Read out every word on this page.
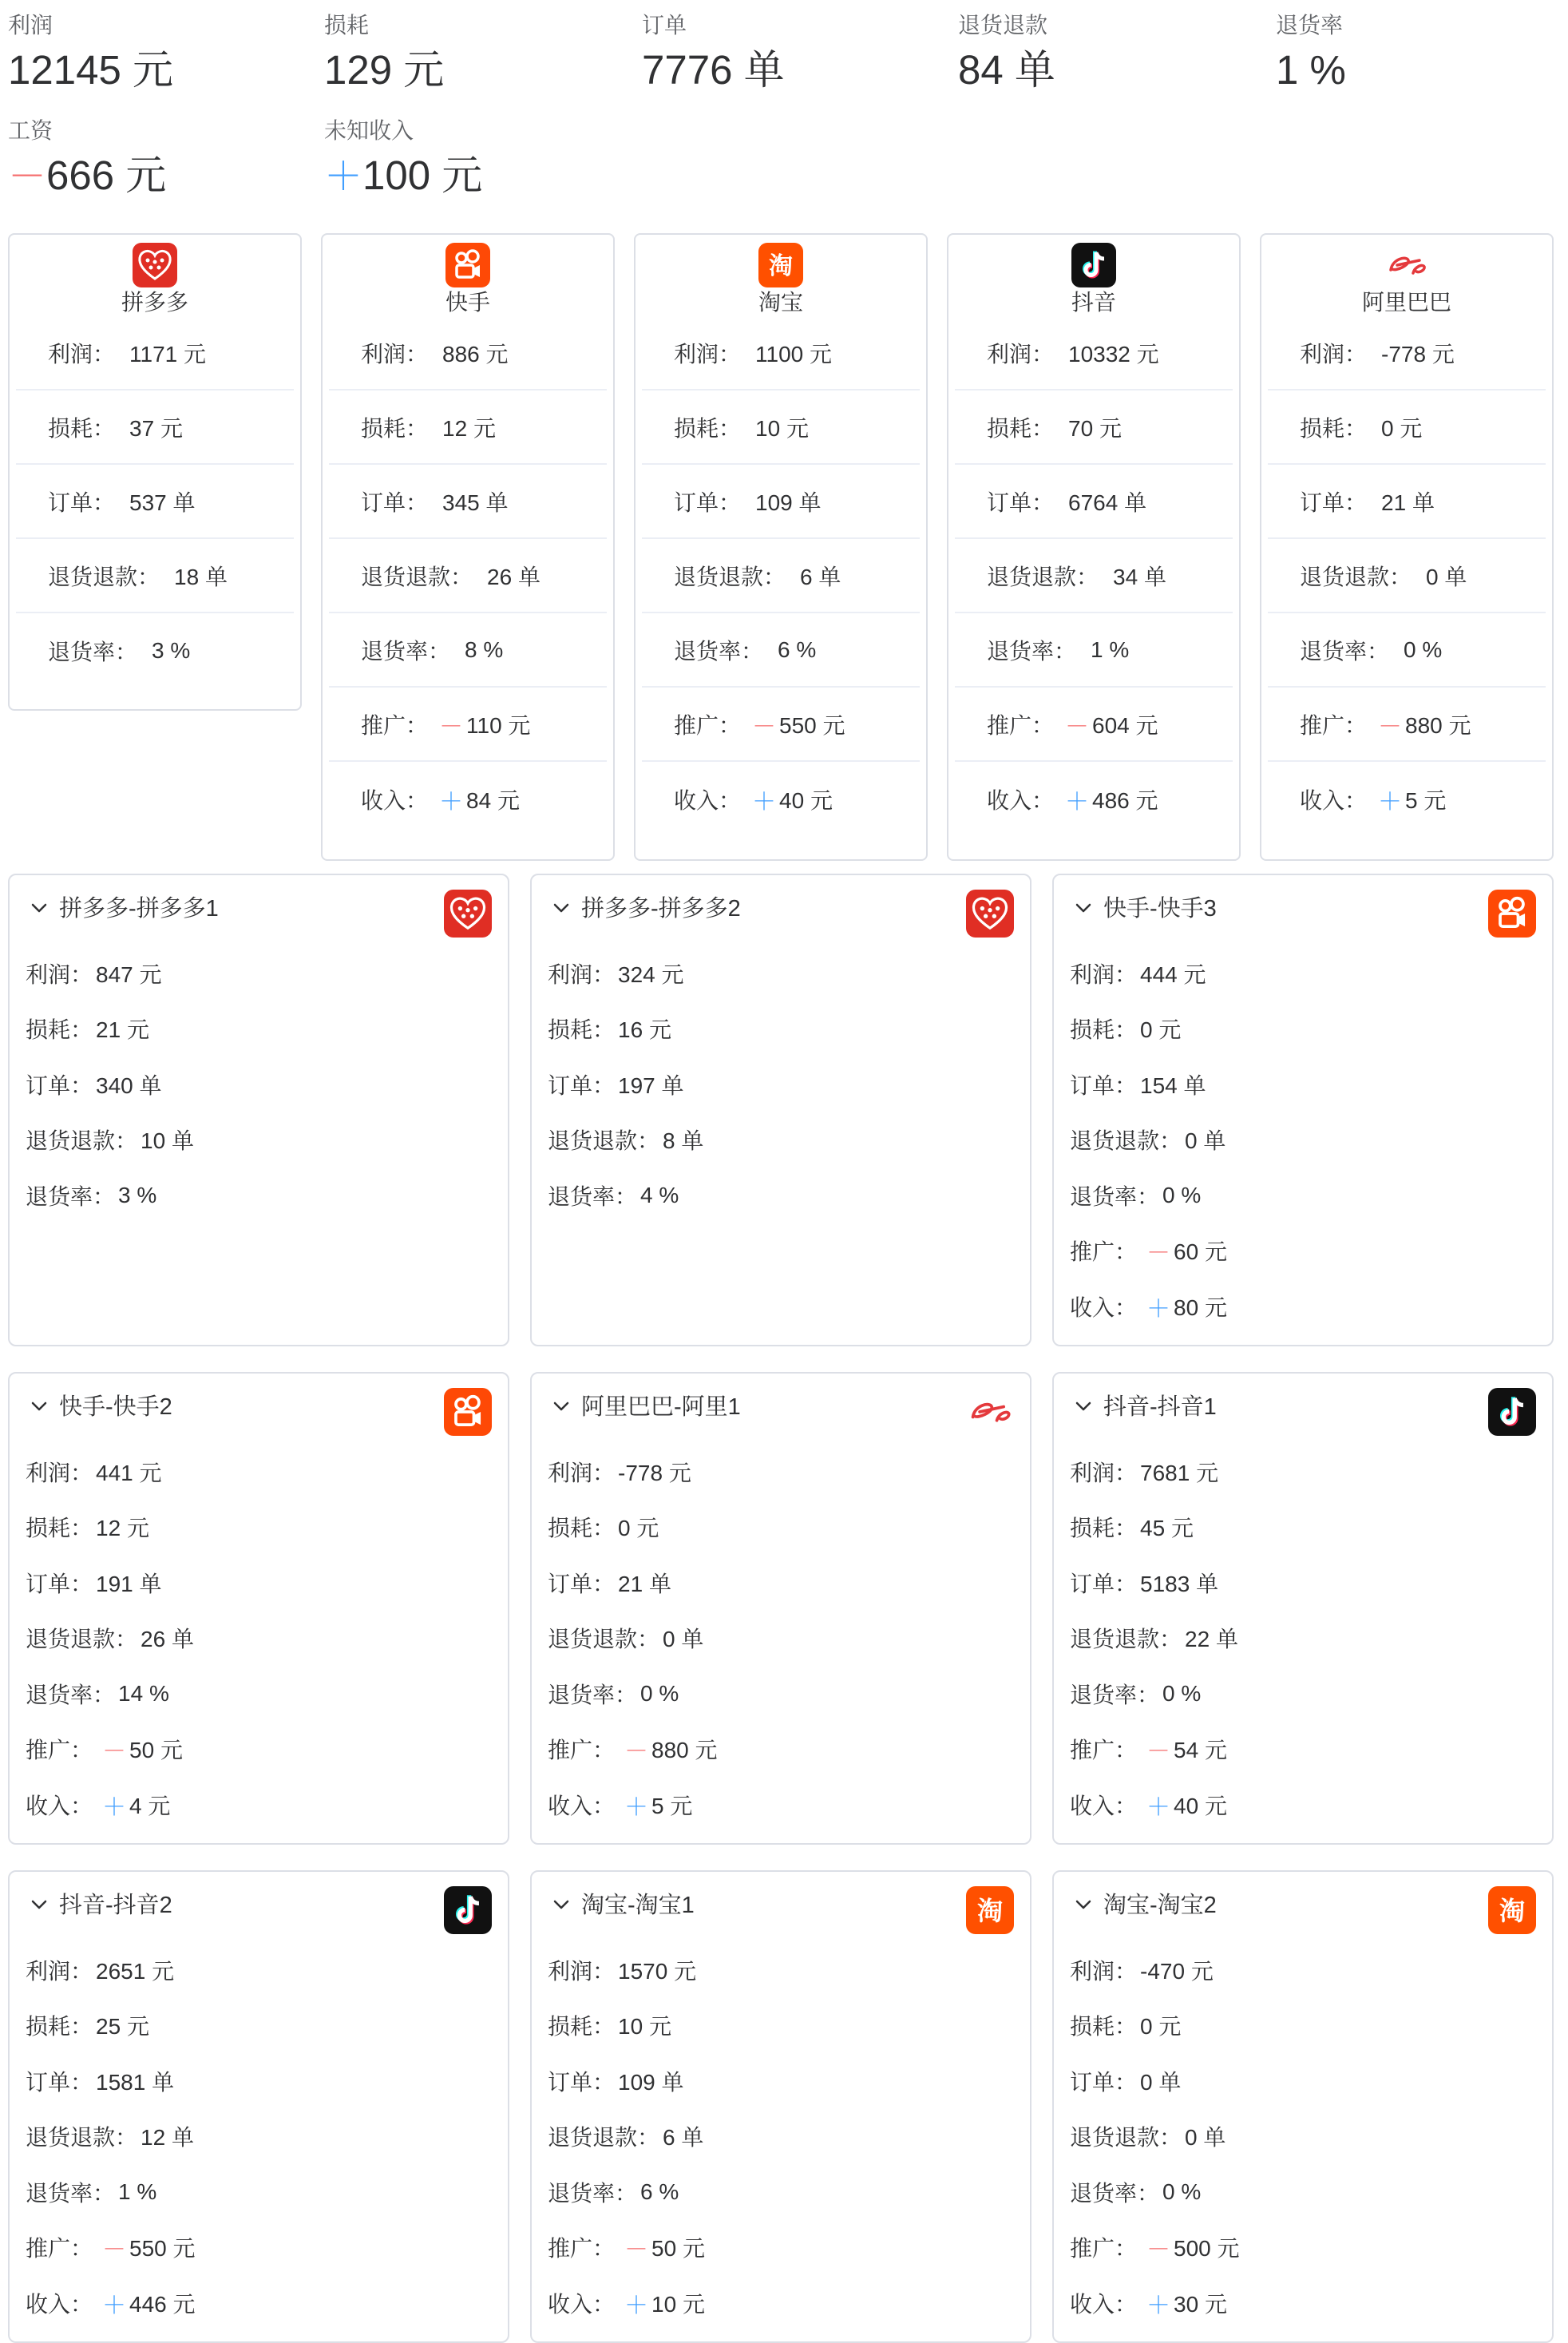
利润
12145 元
损耗
129 元
订单
7776 单
退货退款
84 单
退货率
1 %
工资
－666 元
未知收入
＋100 元
拼多多
利润： 1171 元
损耗： 37 元
订单： 537 单
退货退款： 18 单
退货率： 3 %
快手
利润： 886 元
损耗： 12 元
订单： 345 单
退货退款： 26 单
退货率： 8 %
推广： － 110 元
收入： ＋ 84 元
淘
淘宝
利润： 1100 元
损耗： 10 元
订单： 109 单
退货退款： 6 单
退货率： 6 %
推广： － 550 元
收入： ＋ 40 元
抖音
利润： 10332 元
损耗： 70 元
订单： 6764 单
退货退款： 34 单
退货率： 1 %
推广： － 604 元
收入： ＋ 486 元
阿里巴巴
利润： -778 元
损耗： 0 元
订单： 21 单
退货退款： 0 单
退货率： 0 %
推广： － 880 元
收入： ＋ 5 元
拼多多-拼多多1
利润： 847 元
损耗： 21 元
订单： 340 单
退货退款： 10 单
退货率： 3 %
拼多多-拼多多2
利润： 324 元
损耗： 16 元
订单： 197 单
退货退款： 8 单
退货率： 4 %
快手-快手3
利润： 444 元
损耗： 0 元
订单： 154 单
退货退款： 0 单
退货率： 0 %
推广： － 60 元
收入： ＋ 80 元
快手-快手2
利润： 441 元
损耗： 12 元
订单： 191 单
退货退款： 26 单
退货率： 14 %
推广： － 50 元
收入： ＋ 4 元
阿里巴巴-阿里1
利润： -778 元
损耗： 0 元
订单： 21 单
退货退款： 0 单
退货率： 0 %
推广： － 880 元
收入： ＋ 5 元
抖音-抖音1
利润： 7681 元
损耗： 45 元
订单： 5183 单
退货退款： 22 单
退货率： 0 %
推广： － 54 元
收入： ＋ 40 元
抖音-抖音2
利润： 2651 元
损耗： 25 元
订单： 1581 单
退货退款： 12 单
退货率： 1 %
推广： － 550 元
收入： ＋ 446 元
淘宝-淘宝1	淘
利润： 1570 元
损耗： 10 元
订单： 109 单
退货退款： 6 单
退货率： 6 %
推广： － 50 元
收入： ＋ 10 元
淘宝-淘宝2	淘
利润： -470 元
损耗： 0 元
订单： 0 单
退货退款： 0 单
退货率： 0 %
推广： － 500 元
收入： ＋ 30 元
